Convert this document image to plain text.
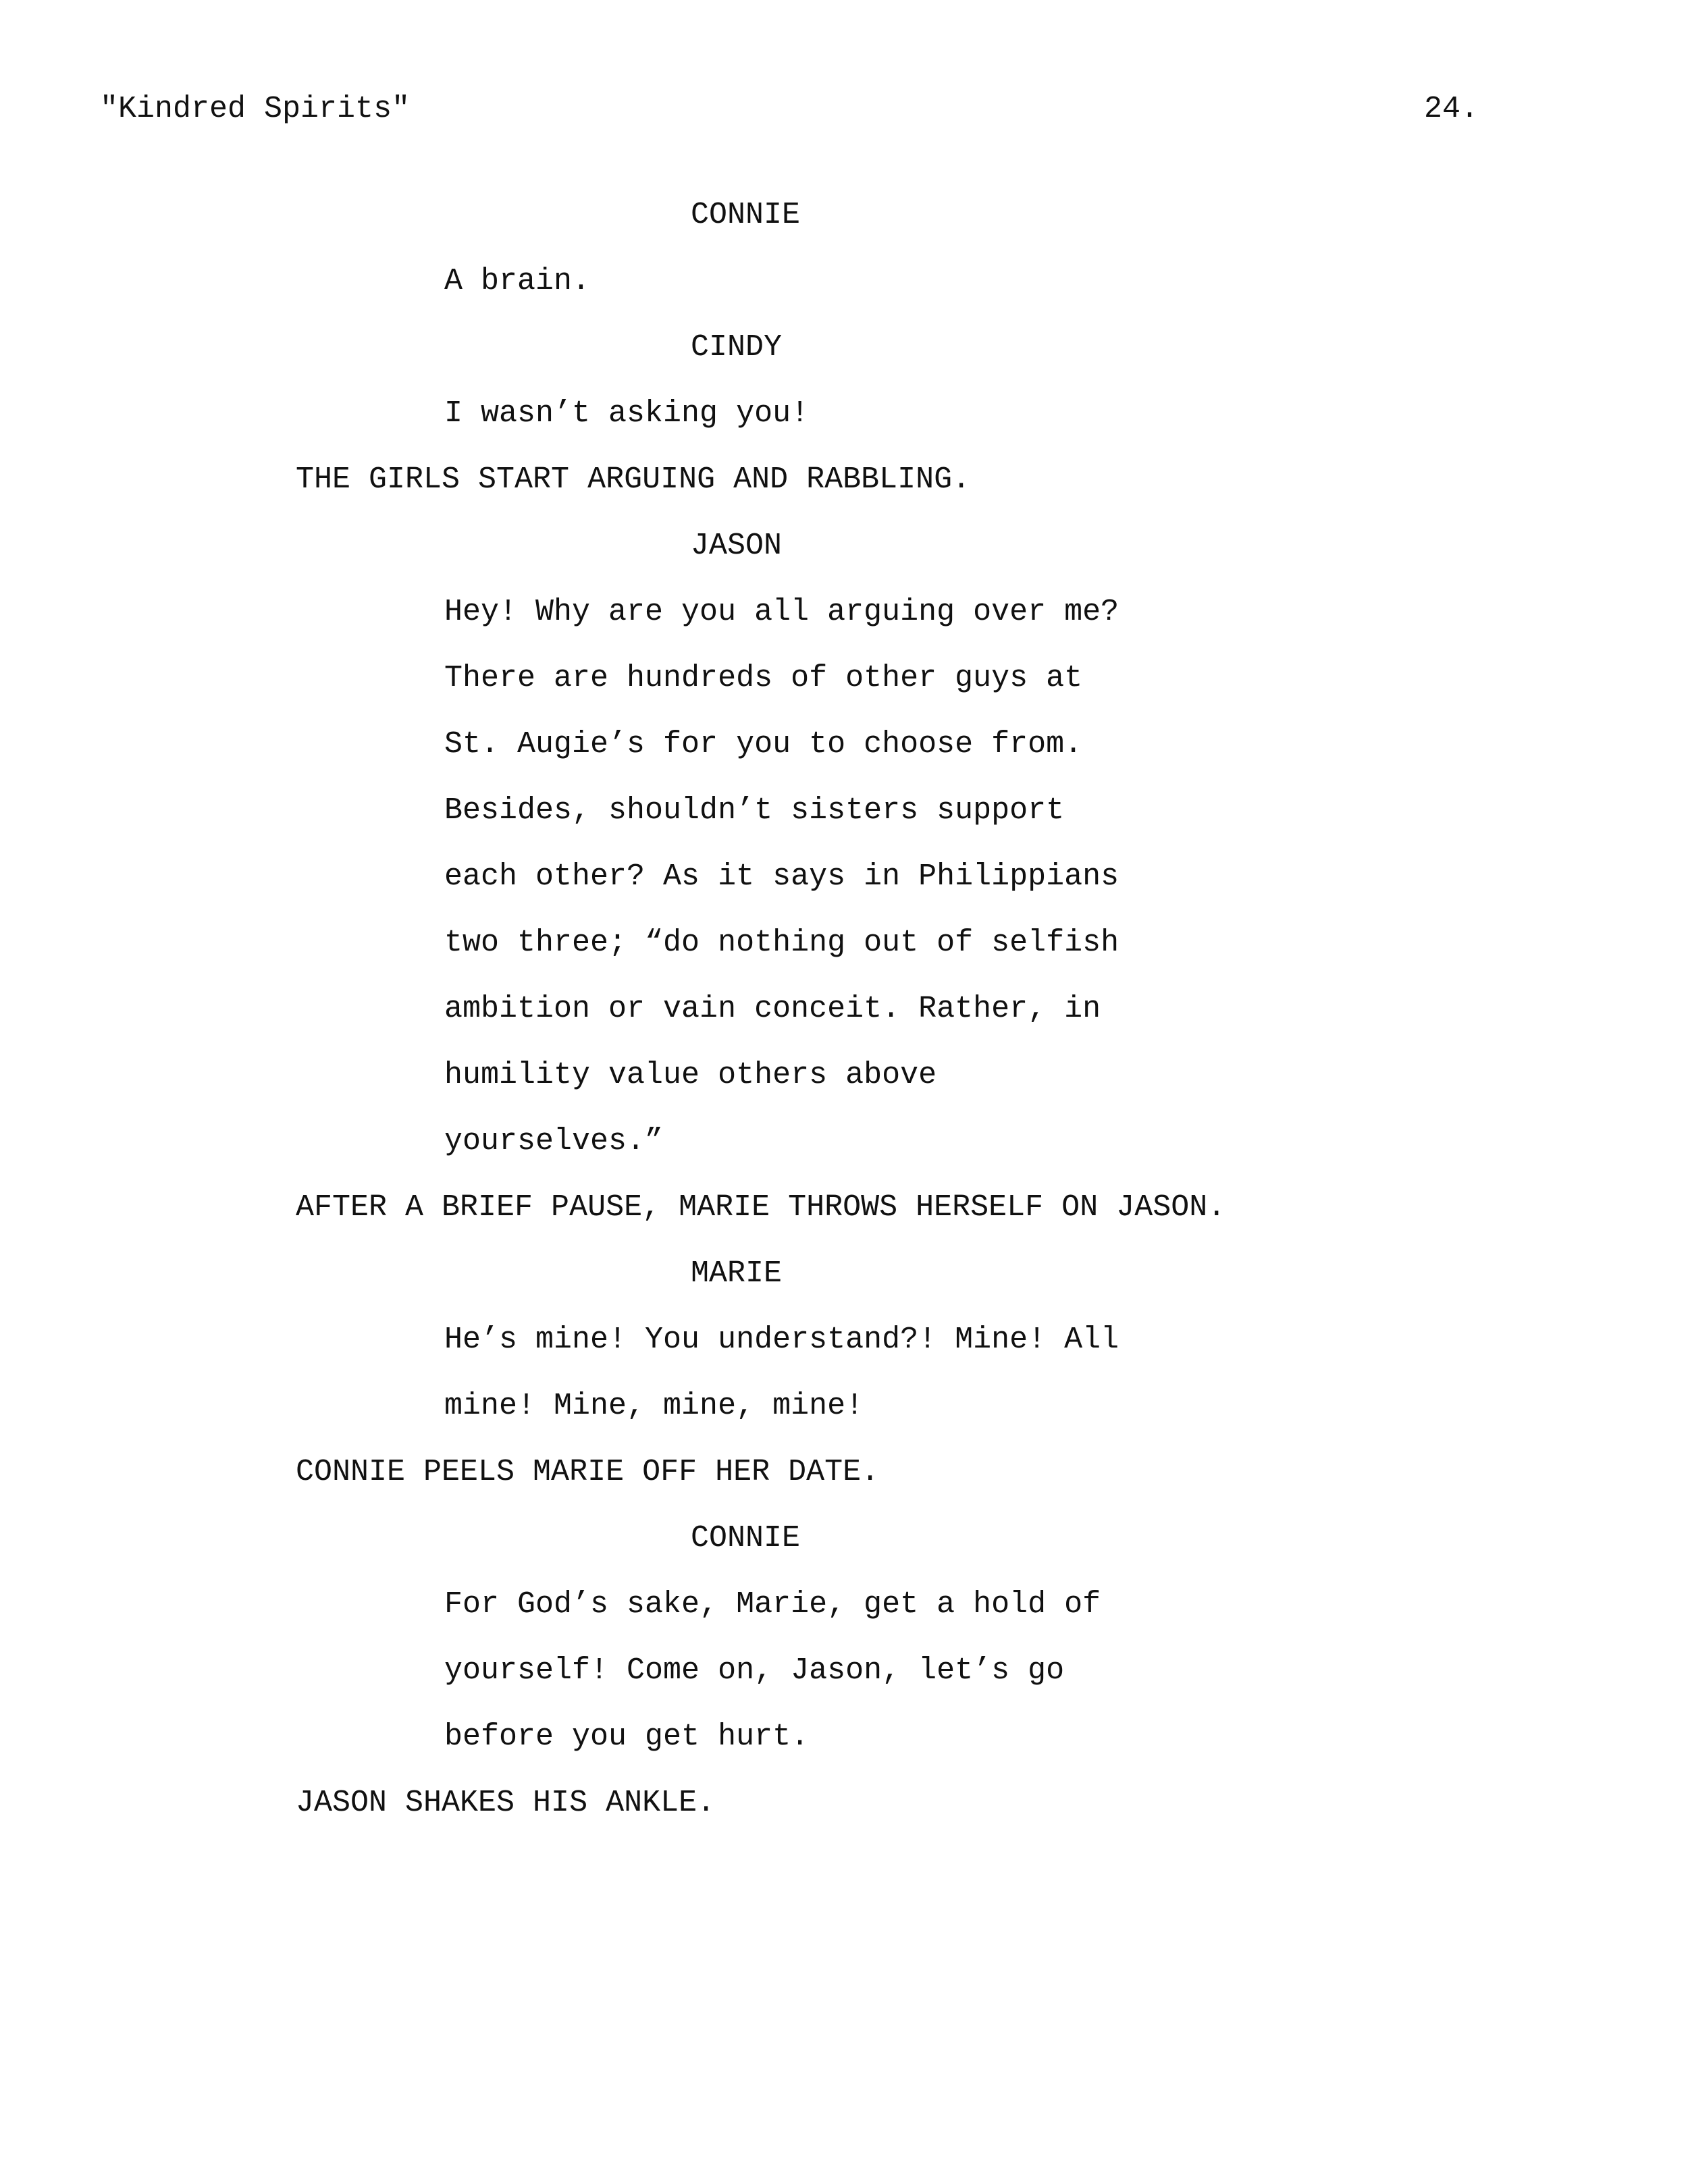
"Kindred Spirits"	24.
CONNIE
A brain.
CINDY
I wasn’t asking you!
THE GIRLS START ARGUING AND RABBLING.
JASON
Hey! Why are you all arguing over me?
There are hundreds of other guys at
St. Augie’s for you to choose from.
Besides, shouldn’t sisters support
each other? As it says in Philippians
two three; “do nothing out of selfish
ambition or vain conceit. Rather, in
humility value others above
yourselves.”
AFTER A BRIEF PAUSE, MARIE THROWS HERSELF ON JASON.
MARIE
He’s mine! You understand?! Mine! All
mine! Mine, mine, mine!
CONNIE PEELS MARIE OFF HER DATE.
CONNIE
For God’s sake, Marie, get a hold of
yourself! Come on, Jason, let’s go
before you get hurt.
JASON SHAKES HIS ANKLE.
